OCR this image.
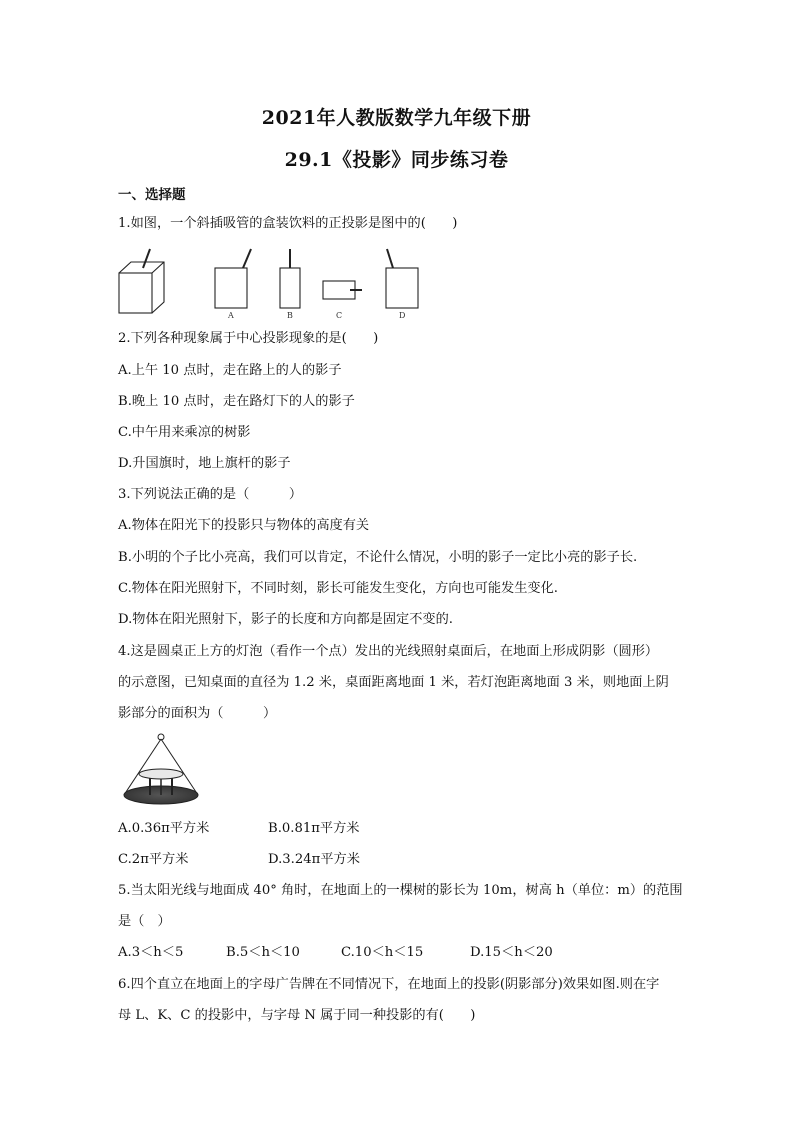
2021年人教版数学九年级下册
29.1《投影》同步练习卷
一、选择题
1.如图，一个斜插吸管的盒装饮料的正投影是图中的(　　)
A	B	C	D
2.下列各种现象属于中心投影现象的是(　　)
A.上午 10 点时，走在路上的人的影子
B.晚上 10 点时，走在路灯下的人的影子
C.中午用来乘凉的树影
D.升国旗时，地上旗杆的影子
3.下列说法正确的是（　　　）
A.物体在阳光下的投影只与物体的高度有关
B.小明的个子比小亮高，我们可以肯定，不论什么情况，小明的影子一定比小亮的影子长.
C.物体在阳光照射下，不同时刻，影长可能发生变化，方向也可能发生变化.
D.物体在阳光照射下，影子的长度和方向都是固定不变的.
4.这是圆桌正上方的灯泡（看作一个点）发出的光线照射桌面后，在地面上形成阴影（圆形）
的示意图，已知桌面的直径为 1.2 米，桌面距离地面 1 米，若灯泡距离地面 3 米，则地面上阴
影部分的面积为（　　　）
A.0.36π平方米	B.0.81π平方米
C.2π平方米	D.3.24π平方米
5.当太阳光线与地面成 40° 角时，在地面上的一棵树的影长为 10m，树高 h（单位：m）的范围
是（　）
A.3＜h＜5	B.5＜h＜10	C.10＜h＜15	D.15＜h＜20
6.四个直立在地面上的字母广告牌在不同情况下，在地面上的投影(阴影部分)效果如图.则在字
母 L、K、C 的投影中，与字母 N 属于同一种投影的有(　　)
